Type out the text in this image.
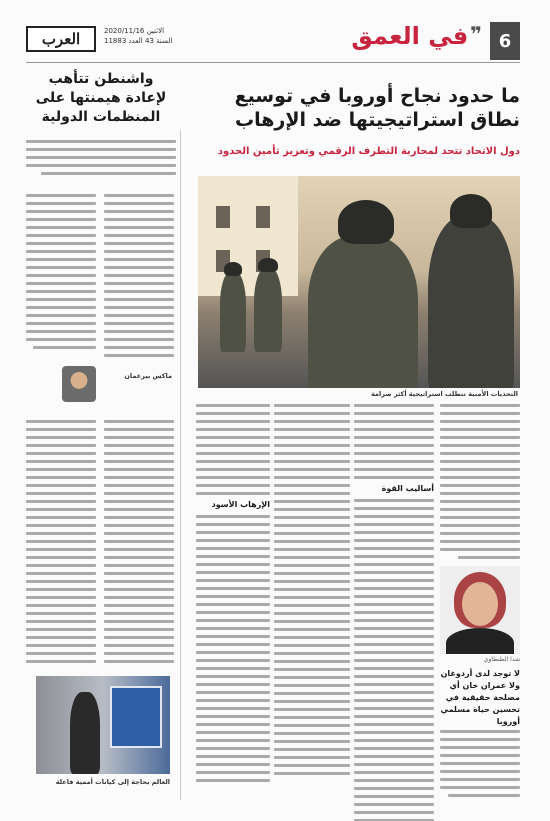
6
❞في العمق
العرب	الاثنين 2020/11/16
السنة 43 العدد 11883
ما حدود نجاح أوروبا في توسيع
نطاق استراتيجيتها ضد الإرهاب
دول الاتحاد تتحد لمحاربة التطرف الرقمي وتعزيز تأمين الحدود
واشنطن تتأهب
لإعادة هيمنتها على
المنظمات الدولية
التحديات الأمنية تتطلب استراتيجية أكثر صرامة
ماكس بيرغمان
العالم بحاجة إلى كيانات أممية فاعلة
أساليب القوة
الإرهاب الأسود
شدا الطنطاوي
لا توجد لدى أردوغان ولا عمران خان أي مصلحة حقيقية في تحسين حياة مسلمي أوروبا
